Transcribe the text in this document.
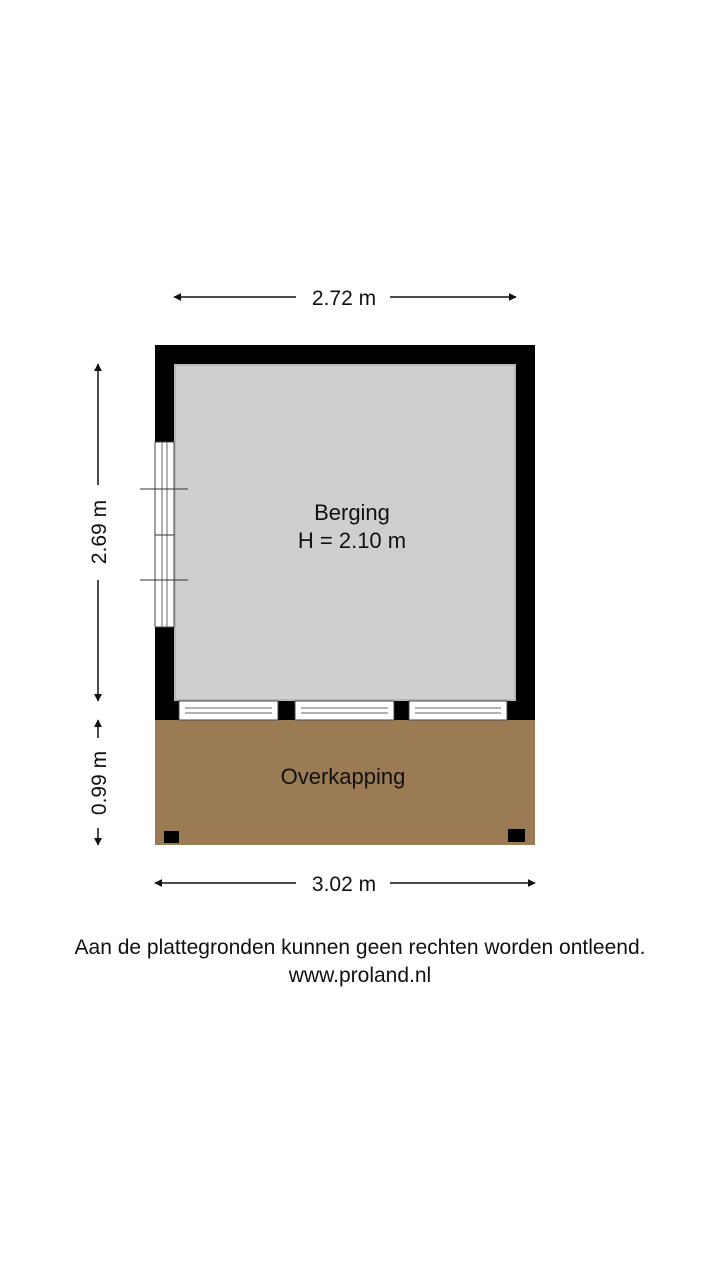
Berging
H = 2.10 m
Overkapping
2.72 m
3.02 m
2.69 m
0.99 m
Aan de plattegronden kunnen geen rechten worden ontleend.
www.proland.nl
